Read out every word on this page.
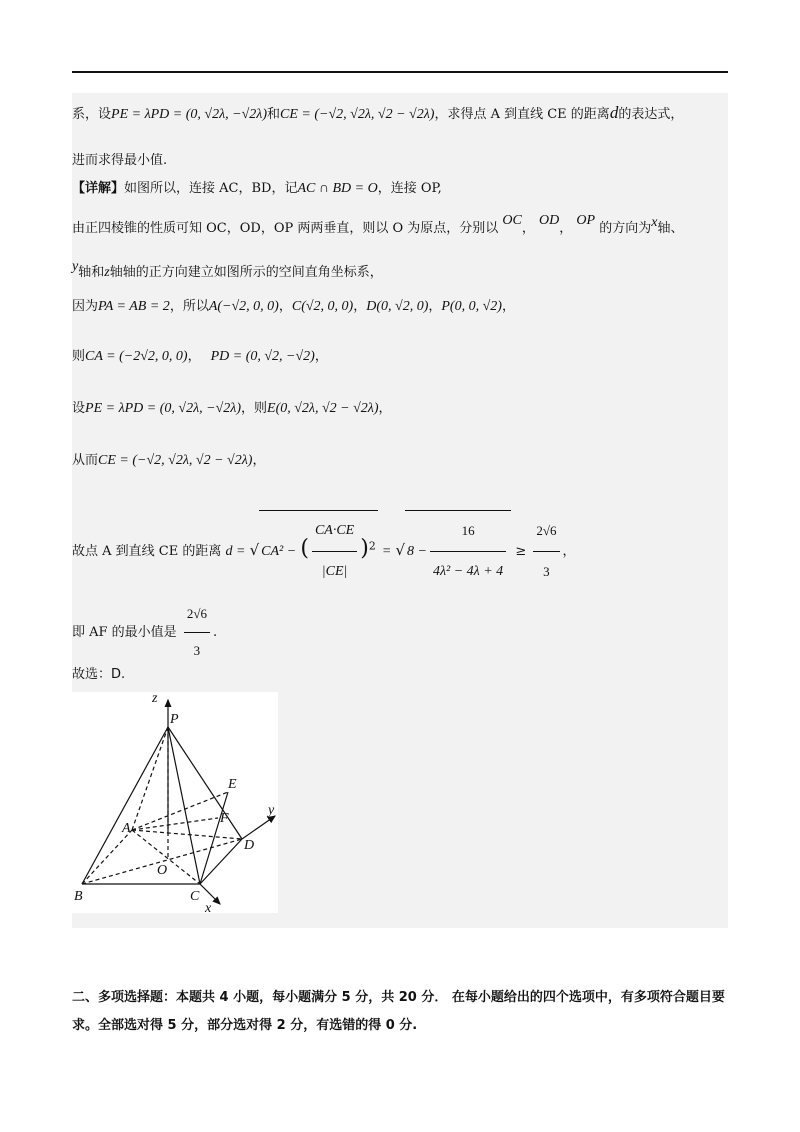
系，设PE = λPD = (0, √2λ, −√2λ)和CE = (−√2, √2λ, √2 − √2λ)，求得点 A 到直线 CE 的距离d的表达式，
进而求得最小值.
【详解】如图所以，连接 AC，BD，记AC ∩ BD = O，连接 OP,
由正四棱锥的性质可知 OC，OD，OP 两两垂直，则以 O 为原点，分别以 OC， OD， OP 的方向为x轴、
y轴和z轴轴的正方向建立如图所示的空间直角坐标系，
因为PA = AB = 2，所以A(−√2, 0, 0)，C(√2, 0, 0)，D(0, √2, 0)，P(0, 0, √2)，
则CA = (−2√2, 0, 0)， PD = (0, √2, −√2)，
设PE = λPD = (0, √2λ, −√2λ)，则E(0, √2λ, √2 − √2λ)，
从而CE = (−√2, √2λ, √2 − √2λ)，
故点 A 到直线 CE 的距离 d = √ CA² − ( $\frac{CA\cdot CE}{|CE|} )^2$ = √ $8 - \frac{16}{\text{4λ² − 4λ + 4}} \ge \frac{2√6}{3}$ ，
即 AF 的最小值是 $\frac{2√6}{3}$ .
故选：D.
z
P
E
F
y
A
D
O
B	C
x
二、多项选择题：本题共 4 小题，每小题满分 5 分，共 20 分． 在每小题给出的四个选项中，有多项符合题目要求。全部选对得 5 分，部分选对得 2 分，有选错的得 0 分.
